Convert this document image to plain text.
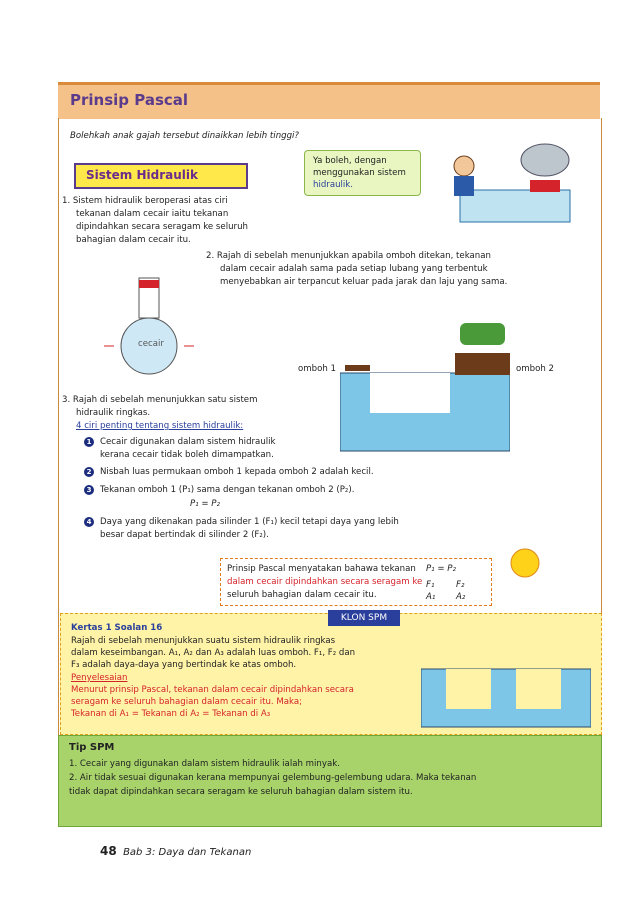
Prinsip Pascal
Bolehkah anak gajah tersebut dinaikkan lebih tinggi?
Sistem Hidraulik
Ya boleh, dengan
menggunakan sistem
hidraulik.
1. Sistem hidraulik beroperasi atas ciri
tekanan dalam cecair iaitu tekanan
dipindahkan secara seragam ke seluruh
bahagian dalam cecair itu.
2. Rajah di sebelah menunjukkan apabila omboh ditekan, tekanan
dalam cecair adalah sama pada setiap lubang yang terbentuk
menyebabkan air terpancut keluar pada jarak dan laju yang sama.
cecair
omboh 1	omboh 2
3. Rajah di sebelah menunjukkan satu sistem
hidraulik ringkas.
4 ciri penting tentang sistem hidraulik:
1 Cecair digunakan dalam sistem hidraulik
kerana cecair tidak boleh dimampatkan.
2 Nisbah luas permukaan omboh 1 kepada omboh 2 adalah kecil.
3 Tekanan omboh 1 (P₁) sama dengan tekanan omboh 2 (P₂).
P₁ = P₂
4 Daya yang dikenakan pada silinder 1 (F₁) kecil tetapi daya yang lebih
besar dapat bertindak di silinder 2 (F₂).
Prinsip Pascal menyatakan bahawa tekanan
dalam cecair dipindahkan secara seragam ke
seluruh bahagian dalam cecair itu.
P₁ = P₂
F₁	F₂
A₁ A₂
Kertas 1 Soalan 16
Rajah di sebelah menunjukkan suatu sistem hidraulik ringkas
dalam keseimbangan. A₁, A₂ dan A₃ adalah luas omboh. F₁, F₂ dan
F₃ adalah daya-daya yang bertindak ke atas omboh.
Penyelesaian
Menurut prinsip Pascal, tekanan dalam cecair dipindahkan secara
seragam ke seluruh bahagian dalam cecair itu. Maka;
Tekanan di A₁ = Tekanan di A₂ = Tekanan di A₃
KLON SPM
Tip SPM
1. Cecair yang digunakan dalam sistem hidraulik ialah minyak.
2. Air tidak sesuai digunakan kerana mempunyai gelembung-gelembung udara. Maka tekanan
tidak dapat dipindahkan secara seragam ke seluruh bahagian dalam sistem itu.
48 Bab 3: Daya dan Tekanan
